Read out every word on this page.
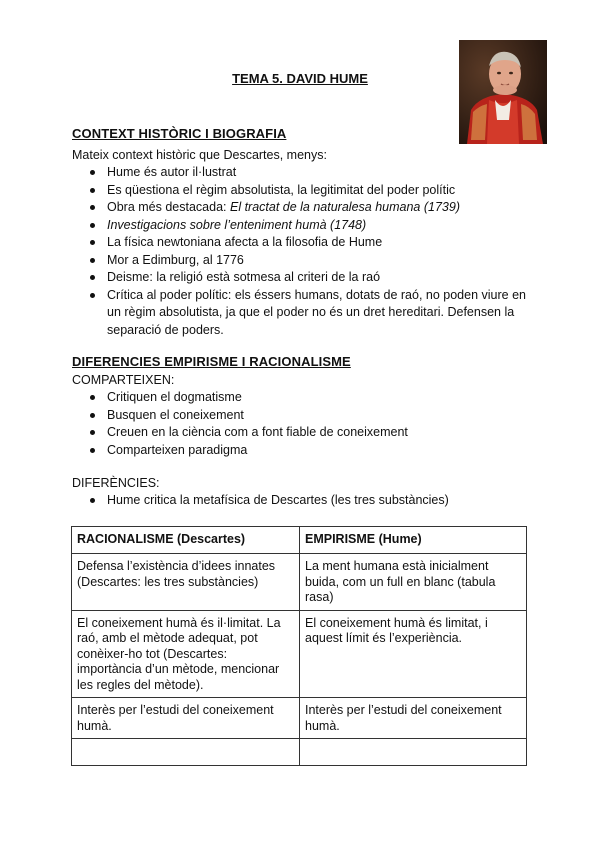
TEMA 5. DAVID HUME
CONTEXT HISTÒRIC I BIOGRAFIA
Mateix context històric que Descartes, menys:
Hume és autor il·lustrat
Es qüestiona el règim absolutista, la legitimitat del poder polític
Obra més destacada: El tractat de la naturalesa humana (1739)
Investigacions sobre l’enteniment humà (1748)
La física newtoniana afecta a la filosofia de Hume
Mor a Edimburg, al 1776
Deisme: la religió està sotmesa al criteri de la raó
Crítica al poder polític: els éssers humans, dotats de raó, no poden viure en un règim absolutista, ja que el poder no és un dret hereditari. Defensen la separació de poders.
DIFERENCIES EMPIRISME I RACIONALISME
COMPARTEIXEN:
Critiquen el dogmatisme
Busquen el coneixement
Creuen en la ciència com a font fiable de coneixement
Comparteixen paradigma
DIFERÈNCIES:
Hume critica la metafísica de Descartes (les tres substàncies)
RACIONALISME (Descartes)	EMPIRISME (Hume)
Defensa l’existència d’idees innates (Descartes: les tres substàncies)	La ment humana està inicialment buida, com un full en blanc (tabula rasa)
El coneixement humà és il·limitat. La raó, amb el mètode adequat, pot conèixer-ho tot (Descartes: importància d’un mètode, mencionar les regles del mètode).	El coneixement humà és limitat, i aquest límit és l’experiència.
Interès per l’estudi del coneixement humà.	Interès per l’estudi del coneixement humà.
